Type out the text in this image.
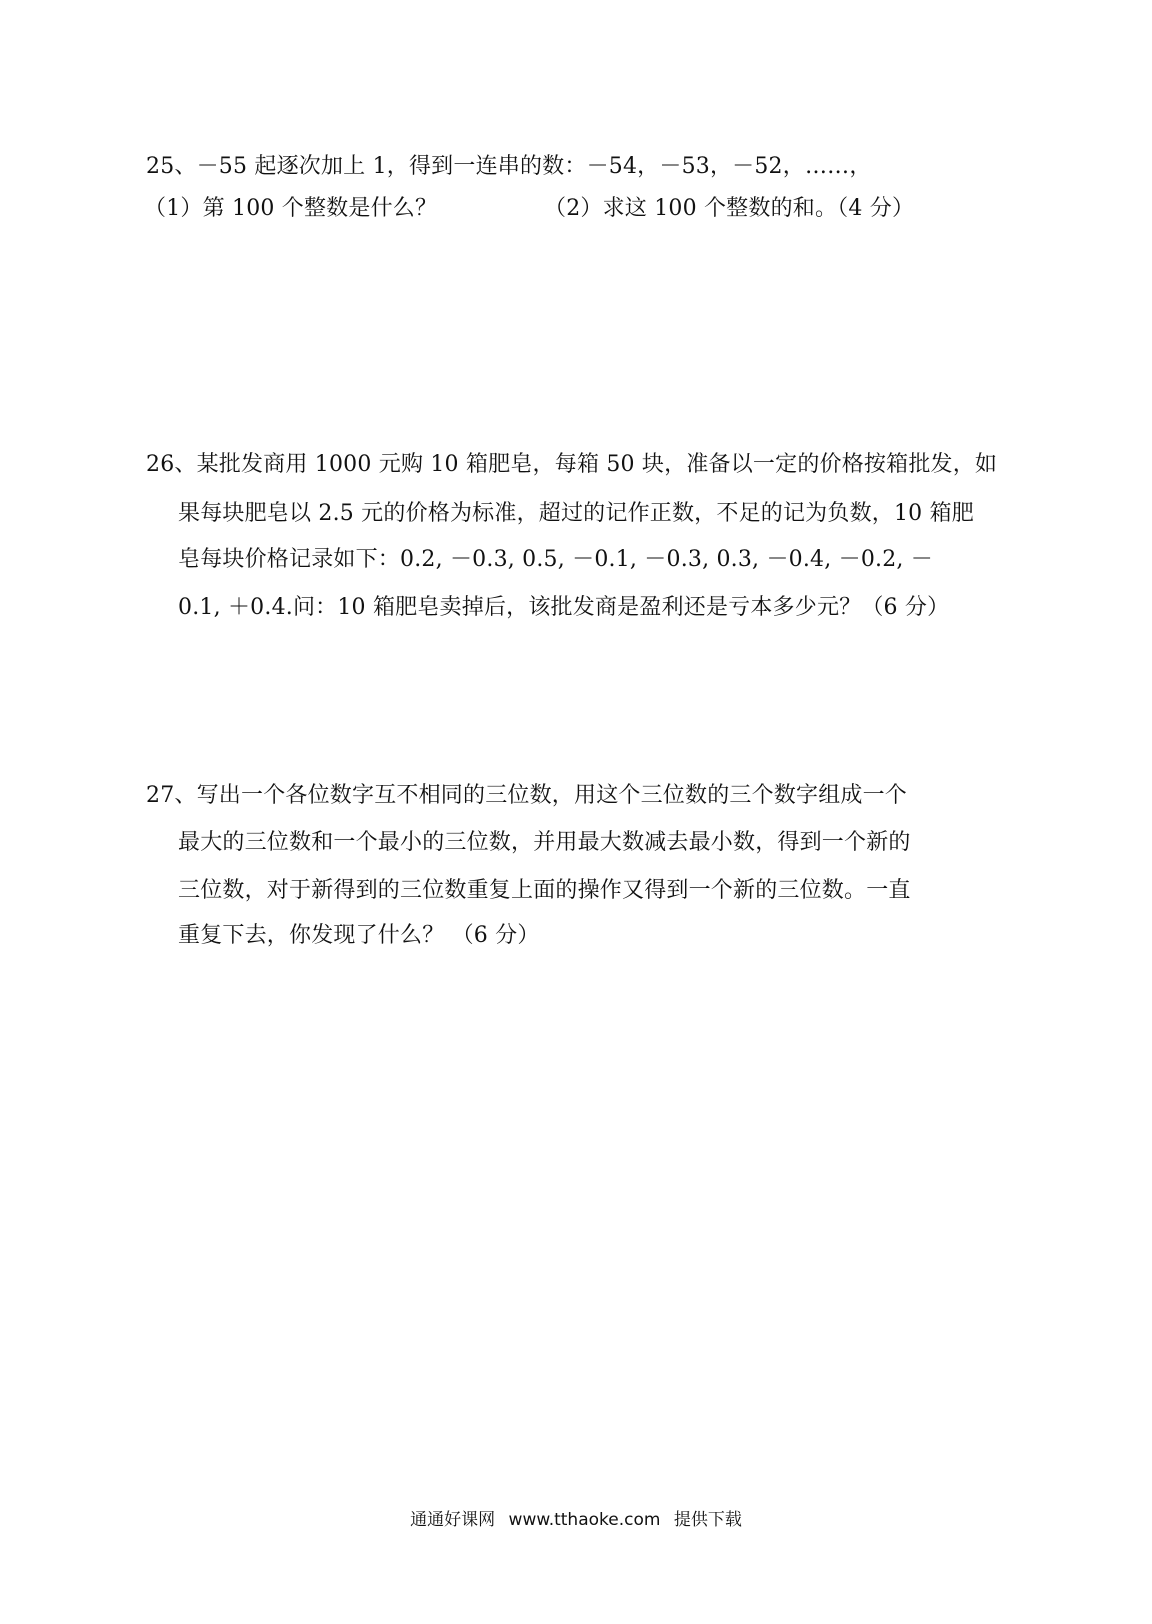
25、－55 起逐次加上 1，得到一连串的数：－54，－53，－52，……，
（1）第 100 个整数是什么？	（2）求这 100 个整数的和。（4 分）
26、某批发商用 1000 元购 10 箱肥皂，每箱 50 块，准备以一定的价格按箱批发，如
果每块肥皂以 2.5 元的价格为标准，超过的记作正数，不足的记为负数，10 箱肥
皂每块价格记录如下：0.2, －0.3, 0.5, －0.1, －0.3, 0.3, －0.4, －0.2, －
0.1, ＋0.4.问：10 箱肥皂卖掉后，该批发商是盈利还是亏本多少元？（6 分）
27、写出一个各位数字互不相同的三位数，用这个三位数的三个数字组成一个
最大的三位数和一个最小的三位数，并用最大数减去最小数，得到一个新的
三位数，对于新得到的三位数重复上面的操作又得到一个新的三位数。一直
重复下去，你发现了什么？ （6 分）
通通好课网 www.tthaoke.com 提供下载
